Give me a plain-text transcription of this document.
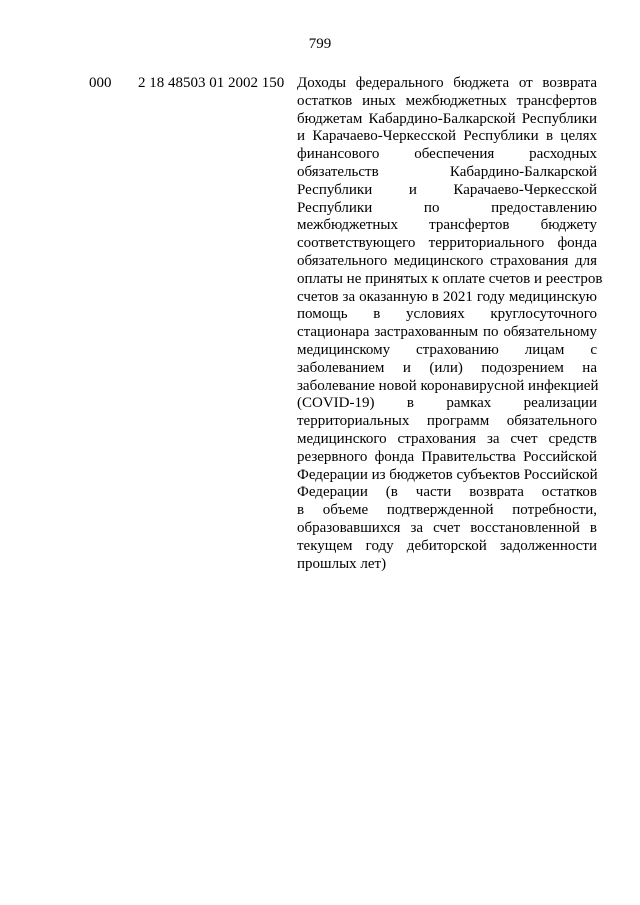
799
000 2 18 48503 01 2002 150 Доходы федерального бюджета от возврата
остатков иных межбюджетных трансфертов
бюджетам Кабардино-Балкарской Республики
и Карачаево-Черкесской Республики в целях
финансового обеспечения расходных
обязательств Кабардино-Балкарской
Республики и Карачаево-Черкесской
Республики по предоставлению
межбюджетных трансфертов бюджету
соответствующего территориального фонда
обязательного медицинского страхования для
оплаты не принятых к оплате счетов и реестров
счетов за оказанную в 2021 году медицинскую
помощь в условиях круглосуточного
стационара застрахованным по обязательному
медицинскому страхованию лицам с
заболеванием и (или) подозрением на
заболевание новой коронавирусной инфекцией
(COVID-19) в рамках реализации
территориальных программ обязательного
медицинского страхования за счет средств
резервного фонда Правительства Российской
Федерации из бюджетов субъектов Российской
Федерации (в части возврата остатков
в объеме подтвержденной потребности,
образовавшихся за счет восстановленной в
текущем году дебиторской задолженности
прошлых лет)
